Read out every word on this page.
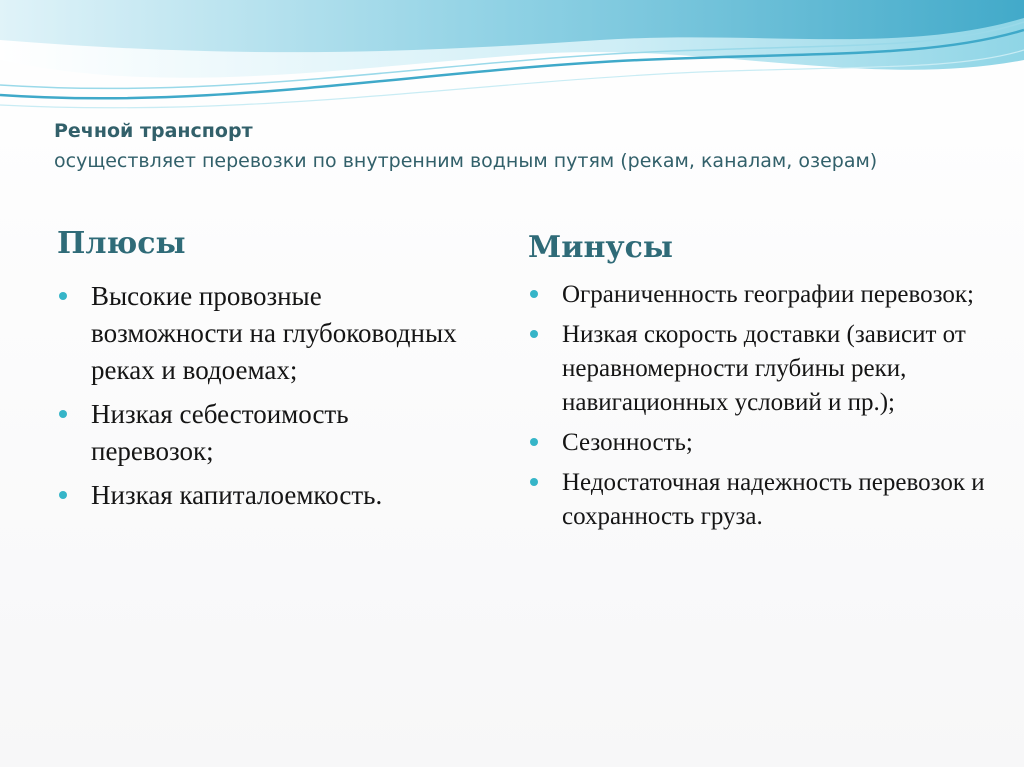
Речной транспорт
осуществляет перевозки по внутренним водным путям (рекам, каналам, озерам)
Плюсы
Высокие провозные возможности на глубоководных реках и водоемах;
Низкая себестоимость перевозок;
Низкая капиталоемкость.
Минусы
Ограниченность географии перевозок;
Низкая скорость доставки (зависит от неравномерности глубины реки, навигационных условий и пр.);
Сезонность;
Недостаточная надежность перевозок и сохранность груза.
